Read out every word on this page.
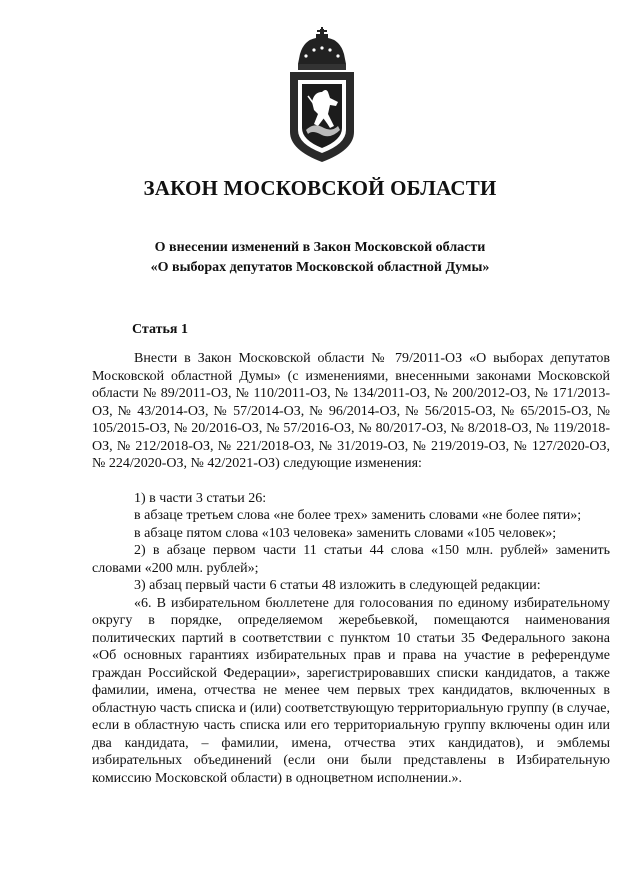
ЗАКОН МОСКОВСКОЙ ОБЛАСТИ
О внесении изменений в Закон Московской области
«О выборах депутатов Московской областной Думы»
Статья 1

Внести в Закон Московской области № 79/2011-ОЗ «О выборах депутатов Московской областной Думы» (с изменениями, внесенными законами Московской области № 89/2011-ОЗ, № 110/2011-ОЗ, № 134/2011-ОЗ, № 200/2012-ОЗ, № 171/2013-ОЗ, № 43/2014-ОЗ, № 57/2014-ОЗ, № 96/2014-ОЗ, № 56/2015-ОЗ, № 65/2015-ОЗ, № 105/2015-ОЗ, № 20/2016-ОЗ, № 57/2016-ОЗ, № 80/2017-ОЗ, № 8/2018-ОЗ, № 119/2018-ОЗ, № 212/2018-ОЗ, № 221/2018-ОЗ, № 31/2019-ОЗ, № 219/2019-ОЗ, № 127/2020-ОЗ, № 224/2020-ОЗ, № 42/2021-ОЗ) следующие изменения:

1) в части 3 статьи 26:

в абзаце третьем слова «не более трех» заменить словами «не более пяти»;

в абзаце пятом слова «103 человека» заменить словами «105 человек»;

2) в абзаце первом части 11 статьи 44 слова «150 млн. рублей» заменить словами «200 млн. рублей»;

3) абзац первый части 6 статьи 48 изложить в следующей редакции:

«6. В избирательном бюллетене для голосования по единому избирательному округу в порядке, определяемом жеребьевкой, помещаются наименования политических партий в соответствии с пунктом 10 статьи 35 Федерального закона «Об основных гарантиях избирательных прав и права на участие в референдуме граждан Российской Федерации», зарегистрировавших списки кандидатов, а также фамилии, имена, отчества не менее чем первых трех кандидатов, включенных в областную часть списка и (или) соответствующую территориальную группу (в случае, если в областную часть списка или его территориальную группу включены один или два кандидата, – фамилии, имена, отчества этих кандидатов), и эмблемы избирательных объединений (если они были представлены в Избирательную комиссию Московской области) в одноцветном исполнении.».
